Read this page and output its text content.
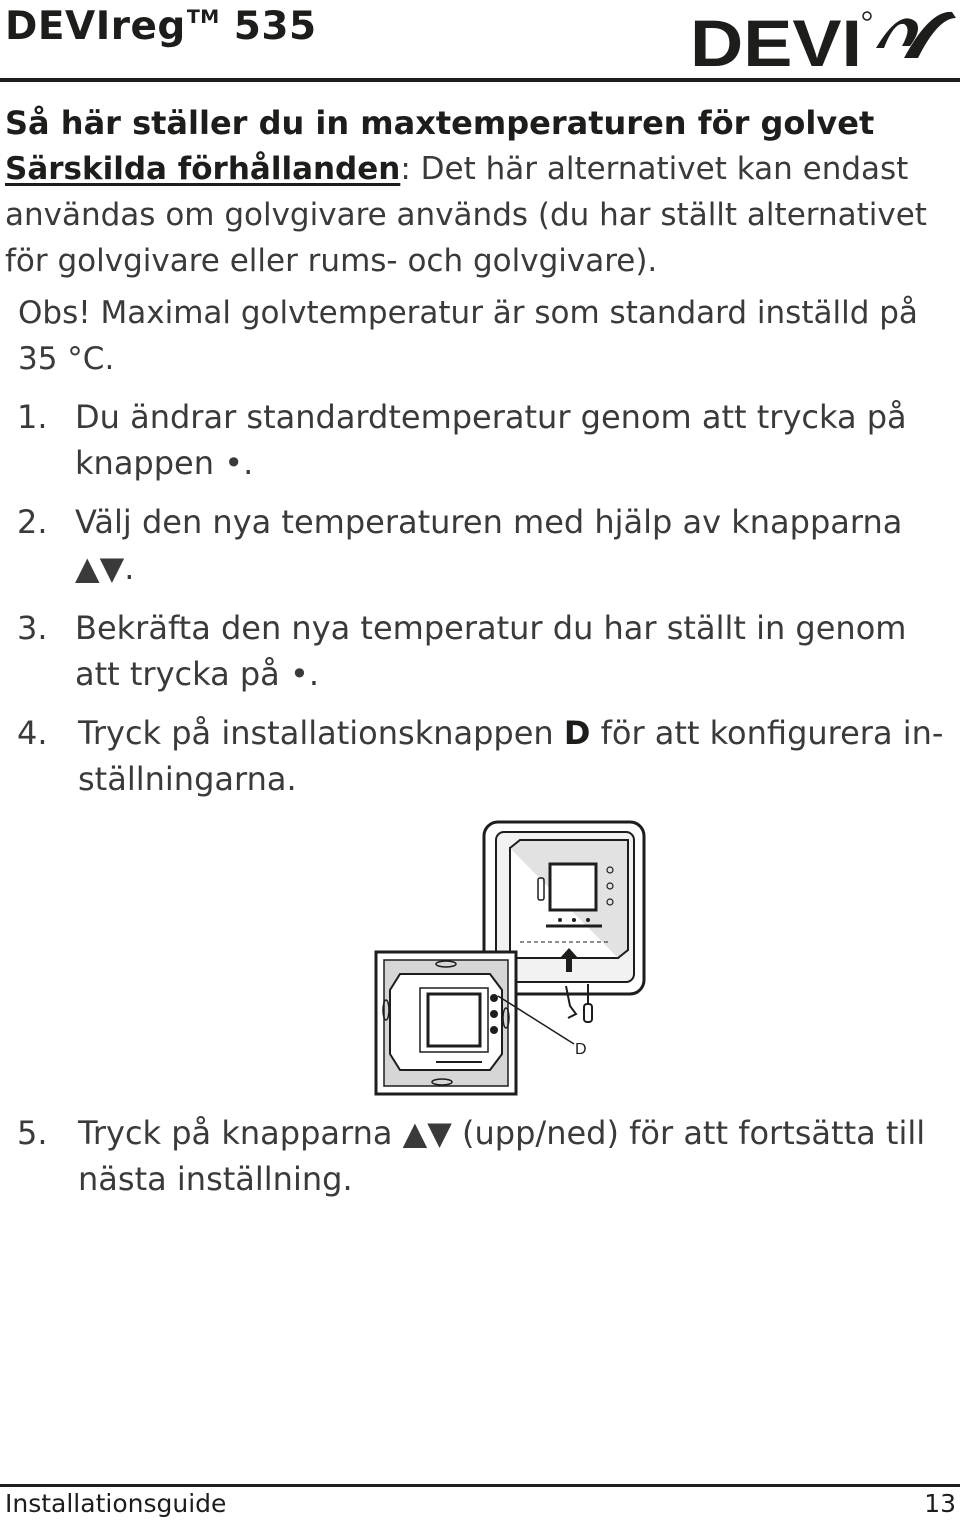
DEVIreg™ 535	DEVI

Så här ställer du in maxtemperaturen för golvet

Särskilda förhållanden: Det här alternativet kan endast
användas om golvgivare används (du har ställt alternativet
för golvgivare eller rums- och golvgivare).

Obs! Maximal golvtemperatur är som standard inställd på
35 °C.

1. Du ändrar standardtemperatur genom att trycka på
knappen •.
2. Välj den nya temperaturen med hjälp av knapparna
▲▼.
3. Bekräfta den nya temperatur du har ställt in genom
att trycka på •.
4. Tryck på installationsknappen D för att konfigurera in-
ställningarna.
D
5. Tryck på knapparna ▲▼ (upp/ned) för att fortsätta till
nästa inställning.
Installationsguide	13
